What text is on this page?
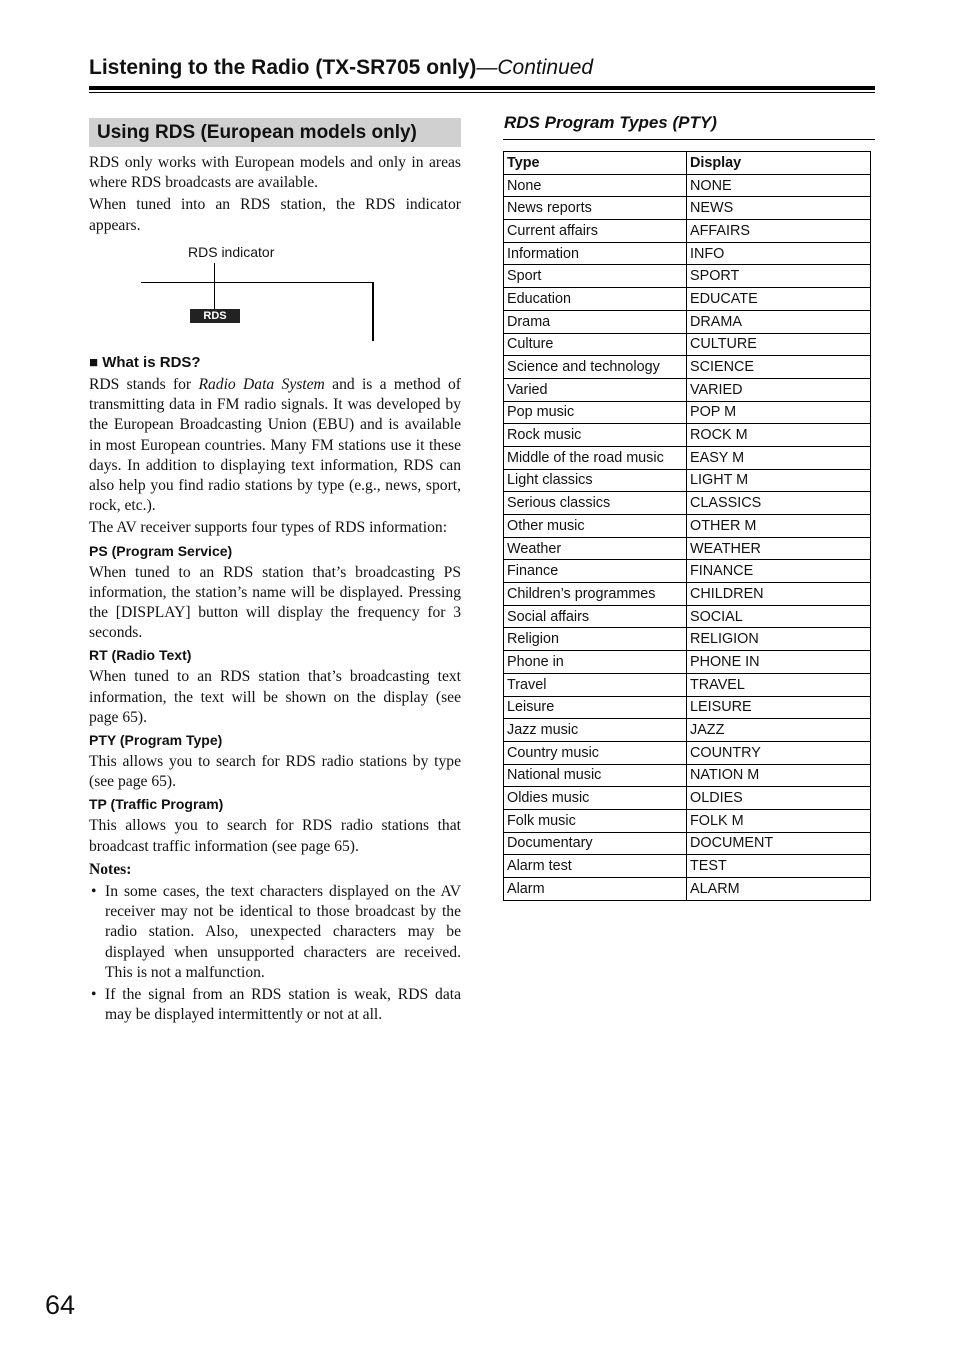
Listening to the Radio (TX-SR705 only)—Continued
Using RDS (European models only)

RDS only works with European models and only in areas where RDS broadcasts are available.

When tuned into an RDS station, the RDS indicator appears.

RDS indicator
RDS

■ What is RDS?

RDS stands for Radio Data System and is a method of transmitting data in FM radio signals. It was developed by the European Broadcasting Union (EBU) and is available in most European countries. Many FM stations use it these days. In addition to displaying text information, RDS can also help you find radio stations by type (e.g., news, sport, rock, etc.).

The AV receiver supports four types of RDS information:

PS (Program Service)

When tuned to an RDS station that’s broadcasting PS information, the station’s name will be displayed. Pressing the [DISPLAY] button will display the frequency for 3 seconds.

RT (Radio Text)

When tuned to an RDS station that’s broadcasting text information, the text will be shown on the display (see page 65).

PTY (Program Type)

This allows you to search for RDS radio stations by type (see page 65).

TP (Traffic Program)

This allows you to search for RDS radio stations that broadcast traffic information (see page 65).

Notes:

• In some cases, the text characters displayed on the AV receiver may not be identical to those broadcast by the radio station. Also, unexpected characters may be displayed when unsupported characters are received. This is not a malfunction.
• If the signal from an RDS station is weak, RDS data may be displayed intermittently or not at all.
RDS Program Types (PTY)
Type	Display
None	NONE
News reports	NEWS
Current affairs	AFFAIRS
Information	INFO
Sport	SPORT
Education	EDUCATE
Drama	DRAMA
Culture	CULTURE
Science and technology	SCIENCE
Varied	VARIED
Pop music	POP M
Rock music	ROCK M
Middle of the road music	EASY M
Light classics	LIGHT M
Serious classics	CLASSICS
Other music	OTHER M
Weather	WEATHER
Finance	FINANCE
Children’s programmes	CHILDREN
Social affairs	SOCIAL
Religion	RELIGION
Phone in	PHONE IN
Travel	TRAVEL
Leisure	LEISURE
Jazz music	JAZZ
Country music	COUNTRY
National music	NATION M
Oldies music	OLDIES
Folk music	FOLK M
Documentary	DOCUMENT
Alarm test	TEST
Alarm	ALARM
64
